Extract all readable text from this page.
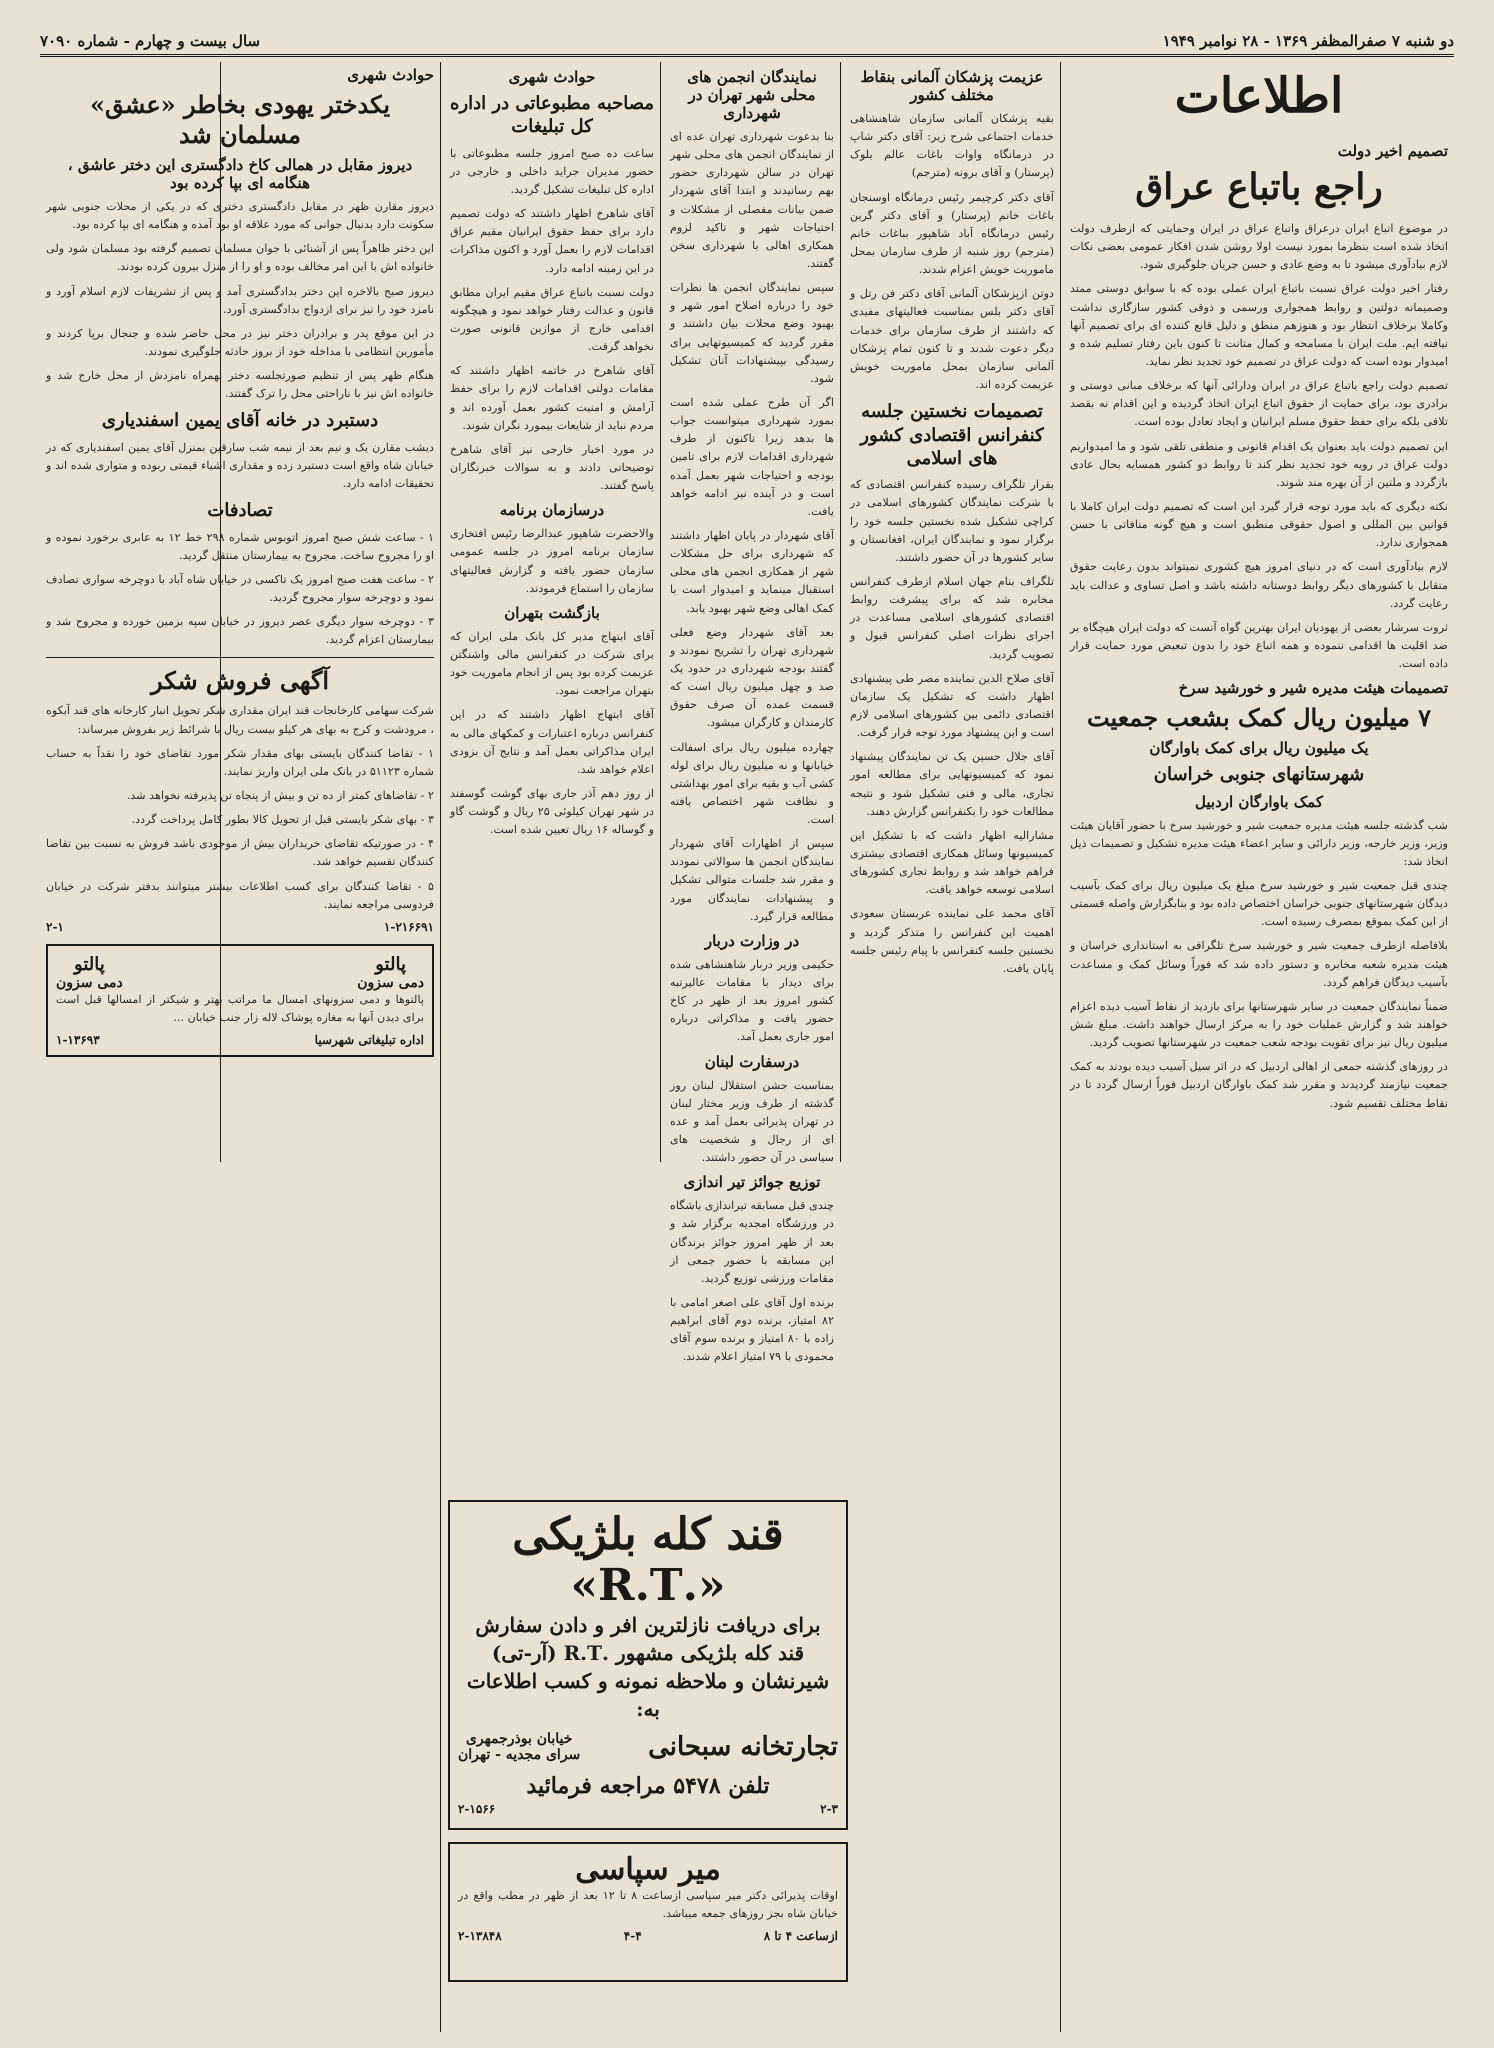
دو شنبه ۷ صفرالمظفر ۱۳۶۹ - ۲۸ نوامبر ۱۹۴۹
سال بیست و چهارم - شماره ۷۰۹۰
اطلاعات
تصمیم اخیر دولت
راجع باتباع عراق

در موضوع اتباع ایران درعراق واتباع عراق در ایران وحمایتی که ازطرف دولت اتخاذ شده است بنظرما بمورد نیست اولا روشن شدن افکار عمومی بعضی نکات لازم بیادآوری میشود تا به وضع عادی و حسن جریان جلوگیری شود.

رفتار اخیر دولت عراق نسبت باتباع ایران عملی بوده که با سوابق دوستی ممتد وصمیمانه دولتین و روابط همجواری ورسمی و ذوقی کشور سازگاری نداشت وکاملا برخلاف انتظار بود و هنوزهم منطق و دلیل قانع کننده ای برای تصمیم آنها نیافته ایم. ملت ایران با مسامحه و کمال متانت تا کنون باین رفتار تسلیم شده و امیدوار بوده است که دولت عراق در تصمیم خود تجدید نظر نماید.

تصمیم دولت راجع باتباع عراق در ایران ودارائی آنها که برخلاف مبانی دوستی و برادری بود، برای حمایت از حقوق اتباع ایران اتخاذ گردیده و این اقدام نه بقصد تلافی بلکه برای حفظ حقوق مسلم ایرانیان و ایجاد تعادل بوده است.

این تصمیم دولت باید بعنوان یک اقدام قانونی و منطقی تلقی شود و ما امیدواریم دولت عراق در رویه خود تجدید نظر کند تا روابط دو کشور همسایه بحال عادی بازگردد و ملتین از آن بهره مند شوند.

نکته دیگری که باید مورد توجه قرار گیرد این است که تصمیم دولت ایران کاملا با قوانین بین المللی و اصول حقوقی منطبق است و هیچ گونه منافاتی با حسن همجواری ندارد.

لازم بیادآوری است که در دنیای امروز هیچ کشوری نمیتواند بدون رعایت حقوق متقابل با کشورهای دیگر روابط دوستانه داشته باشد و اصل تساوی و عدالت باید رعایت گردد.

ثروت سرشار بعضی از یهودیان ایران بهترین گواه آنست که دولت ایران هیچگاه بر ضد اقلیت ها اقدامی ننموده و همه اتباع خود را بدون تبعیض مورد حمایت قرار داده است.

تصمیمات هیئت مدیره شیر و خورشید سرخ
۷ میلیون ریال کمک بشعب جمعیت
یک میلیون ریال برای کمک باوارگان
شهرستانهای جنوبی خراسان
کمک باوارگان اردبیل

شب گذشته جلسه هیئت مدیره جمعیت شیر و خورشید سرخ با حضور آقایان هیئت وزیر، وزیر خارجه، وزیر دارائی و سایر اعضاء هیئت مدیره تشکیل و تصمیمات ذیل اتخاذ شد:

چندی قبل جمعیت شیر و خورشید سرخ مبلغ یک میلیون ریال برای کمک بآسیب دیدگان شهرستانهای جنوبی خراسان اختصاص داده بود و بنابگزارش واصله قسمتی از این کمک بموقع بمصرف رسیده است.

بلافاصله ازطرف جمعیت شیر و خورشید سرخ تلگرافی به استانداری خراسان و هیئت مدیره شعبه مخابره و دستور داده شد که فوراً وسائل کمک و مساعدت بآسیب دیدگان فراهم گردد.

ضمناً نمایندگان جمعیت در سایر شهرستانها برای بازدید از نقاط آسیب دیده اعزام خواهند شد و گزارش عملیات خود را به مرکز ارسال خواهند داشت. مبلغ شش میلیون ریال نیز برای تقویت بودجه شعب جمعیت در شهرستانها تصویب گردید.

در روزهای گذشته جمعی از اهالی اردبیل که در اثر سیل آسیب دیده بودند به کمک جمعیت نیازمند گردیدند و مقرر شد کمک باوارگان اردبیل فوراً ارسال گردد تا در نقاط مختلف تقسیم شود.

عزیمت پزشکان آلمانی بنقاط مختلف کشور

بقیه پزشکان آلمانی سازمان شاهنشاهی خدمات اجتماعی شرح زیر: آقای دکتر شاپ در درمانگاه واوات باغات عالم بلوک (پرستار) و آقای برونه (مترجم)

آقای دکتر کرچیمر رئیس درمانگاه اوسنجان باغات خانم (پرستار) و آقای دکتر گرین رئیس درمانگاه آباد شاهپور بباغات خانم (مترجم) روز شنبه از طرف سازمان بمحل ماموریت خویش اعزام شدند.

دوتن ازپزشکان آلمانی آقای دکتر فن رتل و آقای دکتر بلس بمناسبت فعالیتهای مفیدی که داشتند از طرف سازمان برای خدمات دیگر دعوت شدند و تا کنون تمام پزشکان آلمانی سازمان بمحل ماموریت خویش عزیمت کرده اند.

تصمیمات نخستین جلسه کنفرانس اقتصادی کشور های اسلامی

بقرار تلگراف رسیده کنفرانس اقتصادی که با شرکت نمایندگان کشورهای اسلامی در کراچی تشکیل شده نخستین جلسه خود را برگزار نمود و نمایندگان ایران، افغانستان و سایر کشورها در آن حضور داشتند.

تلگراف بنام جهان اسلام ازطرف کنفرانس مخابره شد که برای پیشرفت روابط اقتصادی کشورهای اسلامی مساعدت در اجرای نظرات اصلی کنفرانس قبول و تصویب گردید.

آقای صلاح الدین نماینده مصر طی پیشنهادی اظهار داشت که تشکیل یک سازمان اقتصادی دائمی بین کشورهای اسلامی لازم است و این پیشنهاد مورد توجه قرار گرفت.

آقای جلال حسین یک تن نمایندگان پیشنهاد نمود که کمیسیونهایی برای مطالعه امور تجاری، مالی و فنی تشکیل شود و نتیجه مطالعات خود را بکنفرانس گزارش دهند.

مشارالیه اظهار داشت که با تشکیل این کمیسیونها وسائل همکاری اقتصادی بیشتری فراهم خواهد شد و روابط تجاری کشورهای اسلامی توسعه خواهد یافت.

آقای محمد علی نماینده عربستان سعودی اهمیت این کنفرانس را متذکر گردید و نخستین جلسه کنفرانس با پیام رئیس جلسه پایان یافت.

نمایندگان انجمن های محلی شهر تهران در شهرداری

بنا بدعوت شهرداری تهران عده ای از نمایندگان انجمن های محلی شهر تهران در سالن شهرداری حضور بهم رسانیدند و ابتدا آقای شهردار ضمن بیانات مفصلی از مشکلات و احتیاجات شهر و تاکید لزوم همکاری اهالی با شهرداری سخن گفتند.

سپس نمایندگان انجمن ها نظرات خود را درباره اصلاح امور شهر و بهبود وضع محلات بیان داشتند و مقرر گردید که کمیسیونهایی برای رسیدگی بپیشنهادات آنان تشکیل شود.

اگر آن طرح عملی شده است بمورد شهرداری میتوانست جواب ها بدهد زیرا تاکنون از طرف شهرداری اقدامات لازم برای تامین بودجه و احتیاجات شهر بعمل آمده است و در آینده نیز ادامه خواهد یافت.

آقای شهردار در پایان اظهار داشتند که شهرداری برای حل مشکلات شهر از همکاری انجمن های محلی استقبال مینماید و امیدوار است با کمک اهالی وضع شهر بهبود یابد.

بعد آقای شهردار وضع فعلی شهرداری تهران را تشریح نمودند و گفتند بودجه شهرداری در حدود یک صد و چهل میلیون ریال است که قسمت عمده آن صرف حقوق کارمندان و کارگران میشود.

چهارده میلیون ریال برای اسفالت خیابانها و نه میلیون ریال برای لوله کشی آب و بقیه برای امور بهداشتی و نظافت شهر اختصاص یافته است.

سپس از اظهارات آقای شهردار نمایندگان انجمن ها سوالاتی نمودند و مقرر شد جلسات متوالی تشکیل و پیشنهادات نمایندگان مورد مطالعه قرار گیرد.

در وزارت دربار

حکیمی وزیر دربار شاهنشاهی شده برای دیدار با مقامات عالیرتبه کشور امروز بعد از ظهر در کاخ حضور یافت و مذاکراتی درباره امور جاری بعمل آمد.

درسفارت لبنان

بمناسبت جشن استقلال لبنان روز گذشته از طرف وزیر مختار لبنان در تهران پذیرائی بعمل آمد و عده ای از رجال و شخصیت های سیاسی در آن حضور داشتند.

توزیع جوائز تیر اندازی

چندی قبل مسابقه تیراندازی باشگاه در ورزشگاه امجدیه برگزار شد و بعد از ظهر امروز جوائز برندگان این مسابقه با حضور جمعی از مقامات ورزشی توزیع گردید.

برنده اول آقای علی اصغر امامی با ۸۲ امتیاز، برنده دوم آقای ابراهیم زاده با ۸۰ امتیاز و برنده سوم آقای محمودی با ۷۹ امتیاز اعلام شدند.

حوادث شهری
مصاحبه مطبوعاتی در اداره کل تبلیغات

ساعت ده صبح امروز جلسه مطبوعاتی با حضور مدیران جراید داخلی و خارجی در اداره کل تبلیغات تشکیل گردید.

آقای شاهرخ اظهار داشتند که دولت تصمیم دارد برای حفظ حقوق ایرانیان مقیم عراق اقدامات لازم را بعمل آورد و اکنون مذاکرات در این زمینه ادامه دارد.

دولت نسبت باتباع عراق مقیم ایران مطابق قانون و عدالت رفتار خواهد نمود و هیچگونه اقدامی خارج از موازین قانونی صورت نخواهد گرفت.

آقای شاهرخ در خاتمه اظهار داشتند که مقامات دولتی اقدامات لازم را برای حفظ آرامش و امنیت کشور بعمل آورده اند و مردم نباید از شایعات بیمورد نگران شوند.

در مورد اخبار خارجی نیز آقای شاهرخ توضیحاتی دادند و به سوالات خبرنگاران پاسخ گفتند.

درسازمان برنامه

والاحضرت شاهپور عبدالرضا رئیس افتخاری سازمان برنامه امروز در جلسه عمومی سازمان حضور یافته و گزارش فعالیتهای سازمان را استماع فرمودند.

بازگشت بتهران

آقای ابتهاج مدیر کل بانک ملی ایران که برای شرکت در کنفرانس مالی واشنگتن عزیمت کرده بود پس از انجام ماموریت خود بتهران مراجعت نمود.

آقای ابتهاج اظهار داشتند که در این کنفرانس درباره اعتبارات و کمکهای مالی به ایران مذاکراتی بعمل آمد و نتایج آن بزودی اعلام خواهد شد.

از روز دهم آذر جاری بهای گوشت گوسفند در شهر تهران کیلوئی ۲۵ ریال و گوشت گاو و گوساله ۱۶ ریال تعیین شده است.

حوادث شهری
یکدختر یهودی بخاطر «عشق» مسلمان شد
دیروز مقابل در همالی کاخ دادگستری این دختر عاشق ، هنگامه ای بپا کرده بود

دیروز مقارن ظهر در مقابل دادگستری دختری که در یکی از محلات جنوبی شهر سکونت دارد بدنبال جوانی که مورد علاقه او بود آمده و هنگامه ای بپا کرده بود.

این دختر ظاهراً پس از آشنائی با جوان مسلمان تصمیم گرفته بود مسلمان شود ولی خانواده اش با این امر مخالف بوده و او را از منزل بیرون کرده بودند.

دیروز صبح بالاخره این دختر بدادگستری آمد و پس از تشریفات لازم اسلام آورد و نامزد خود را نیز برای ازدواج بدادگستری آورد.

در این موقع پدر و برادران دختر نیز در محل حاضر شده و جنجال برپا کردند و مأمورین انتظامی با مداخله خود از بروز حادثه جلوگیری نمودند.

هنگام ظهر پس از تنظیم صورتجلسه دختر بهمراه نامزدش از محل خارج شد و خانواده اش نیز با ناراحتی محل را ترک گفتند.

دستبرد در خانه آقای یمین اسفندیاری

دیشب مقارن یک و نیم بعد از نیمه شب سارقین بمنزل آقای یمین اسفندیاری که در خیابان شاه واقع است دستبرد زده و مقداری اشیاء قیمتی ربوده و متواری شده اند و تحقیقات ادامه دارد.

تصادفات

۱ - ساعت شش صبح امروز اتوبوس شماره ۲۹۸ خط ۱۲ به عابری برخورد نموده و او را مجروح ساخت. مجروح به بیمارستان منتقل گردید.

۲ - ساعت هفت صبح امروز یک تاکسی در خیابان شاه آباد با دوچرخه سواری تصادف نمود و دوچرخه سوار مجروح گردید.

۳ - دوچرخه سوار دیگری عصر دیروز در خیابان سپه بزمین خورده و مجروح شد و بیمارستان اعزام گردید.

آگهی فروش شکر

شرکت سهامی کارخانجات قند ایران مقداری شکر تحویل انبار کارخانه های قند آبکوه ، مرودشت و کرج به بهای هر کیلو بیست ریال با شرائط زیر بفروش میرساند:

۱ - تقاضا کنندگان بایستی بهای مقدار شکر مورد تقاضای خود را نقداً به حساب شماره ۵۱۱۲۳ در بانک ملی ایران واریز نمایند.

۲ - تقاضاهای کمتر از ده تن و بیش از پنجاه تن پذیرفته نخواهد شد.

۳ - بهای شکر بایستی قبل از تحویل کالا بطور کامل پرداخت گردد.

۴ - در صورتیکه تقاضای خریداران بیش از موجودی باشد فروش به نسبت بین تقاضا کنندگان تقسیم خواهد شد.

۵ - تقاضا کنندگان برای کسب اطلاعات بیشتر میتوانند بدفتر شرکت در خیابان فردوسی مراجعه نمایند.

۱-۲۱۶۶۹۱
۲-۱
پالتو
دمی سزون
پالتو
دمی سزون

پالتوها و دمی سزونهای امسال ما مراتب بهتر و شیکتر از امسالها قبل است برای دیدن آنها به مغازه پوشاک لاله زار جنب خیابان ...

اداره تبلیغاتی شهرسیا
۱-۱۳۶۹۳
قند کله بلژیکی «.R.T»
برای دریافت نازلترین افر و دادن سفارش
قند کله بلژیکی مشهور .R.T (آر-تی)
شیرنشان و ملاحظه نمونه و کسب اطلاعات به:
تجارتخانه سبحانی
خیابان بوذرجمهری
سرای مجدیه - تهران
تلفن ۵۴۷۸ مراجعه فرمائید
۲-۳
۲-۱۵۶۶
میر سپاسی

اوقات پذیرائی دکتر میر سپاسی ازساعت ۸ تا ۱۲ بعد از ظهر در مطب واقع در خیابان شاه بجز روزهای جمعه میباشد.

ازساعت ۴ تا ۸
۴-۴
۲-۱۳۸۴۸
